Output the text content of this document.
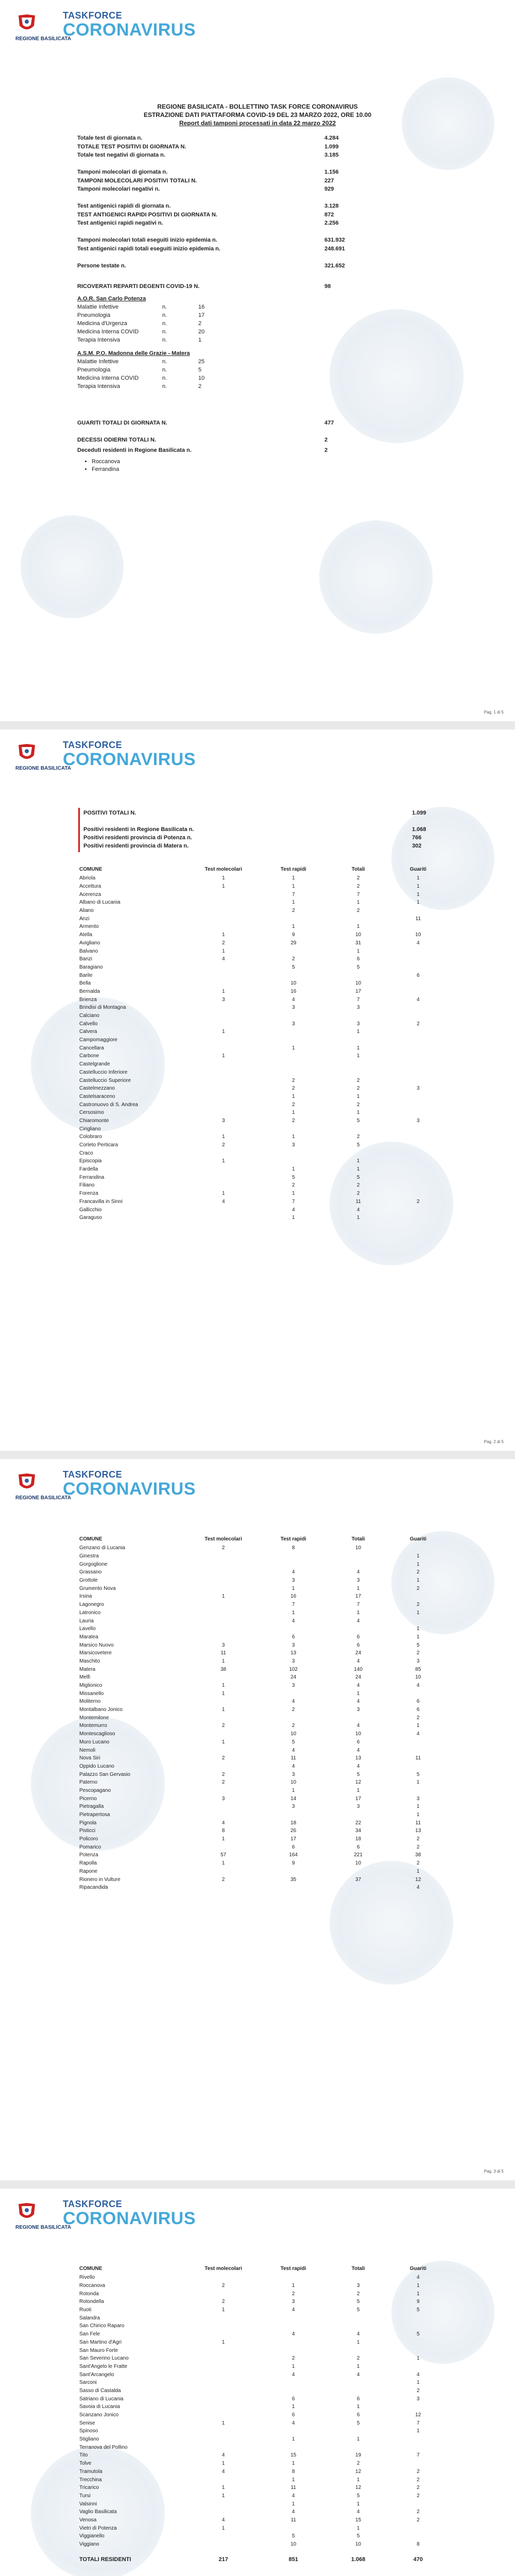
REGIONE BASILICATA
TASKFORCE
CORONAVIRUS
REGIONE BASILICATA - BOLLETTINO TASK FORCE CORONAVIRUS
ESTRAZIONE DATI PIATTAFORMA COVID-19 DEL 23 MARZO 2022, ORE 10.00
Report dati tamponi processati in data 22 marzo 2022
Totale test di giornata n.	4.284
TOTALE TEST POSITIVI DI GIORNATA N.	1.099
Totale test negativi di giornata n.	3.185
Tamponi molecolari di giornata n.	1.156
TAMPONI MOLECOLARI POSITIVI TOTALI N.	227
Tamponi molecolari negativi n.	929
Test antigenici rapidi di giornata n.	3.128
TEST ANTIGENICI RAPIDI POSITIVI DI GIORNATA N.	872
Test antigenici rapidi negativi n.	2.256
Tamponi molecolari totali eseguiti inizio epidemia n.	631.932
Test antigenici rapidi totali eseguiti inizio epidemia n.	248.691
Persone testate n.	321.652
RICOVERATI REPARTI DEGENTI COVID-19 N.	98
A.O.R. San Carlo Potenza
Malattie Infettive	n.	16
Pneumologia	n.	17
Medicina d'Urgenza	n.	2
Medicina Interna COVID	n.	20
Terapia Intensiva	n.	1
A.S.M. P.O. Madonna delle Grazie - Matera
Malattie Infettive	n.	25
Pneumologia	n.	5
Medicina Interna COVID	n.	10
Terapia Intensiva	n.	2
GUARITI TOTALI DI GIORNATA N.	477
DECESSI ODIERNI TOTALI N.	2
Deceduti residenti in Regione Basilicata n.	2
• Roccanova
• Ferrandina
Pag. 1 di 5
REGIONE BASILICATA
TASKFORCE
CORONAVIRUS
POSITIVI TOTALI N.	1.099
Positivi residenti in Regione Basilicata n.	1.068
Positivi residenti provincia di Potenza n.	766
Positivi residenti provincia di Matera n.	302
COMUNE	Test molecolari	Test rapidi	Totali	Guariti
Abriola	1	1	2	1
Accettura	1	1	2	1
Acerenza		7	7	1
Albano di Lucania		1	1	1
Aliano		2	2	
Anzi				11
Armento		1	1	
Atella	1	9	10	10
Avigliano	2	29	31	4
Balvano	1		1	
Banzi	4	2	6	
Baragiano		5	5	
Barile				6
Bella		10	10	
Bernalda	1	16	17	
Brienza	3	4	7	4
Brindisi di Montagna		3	3	
Calciano				
Calvello		3	3	2
Calvera	1		1	
Campomaggiore				
Cancellara		1	1	
Carbone	1		1	
Castelgrande				
Castelluccio Inferiore				
Castelluccio Superiore		2	2	
Castelmezzano		2	2	3
Castelsaraceno		1	1	
Castronuovo di S. Andrea		2	2	
Cersosimo		1	1	
Chiaromonte	3	2	5	3
Cirigliano				
Colobraro	1	1	2	
Corleto Perticara	2	3	5	
Craco				
Episcopia	1		1	
Fardella		1	1	
Ferrandina		5	5	
Filiano		2	2	
Forenza	1	1	2	
Francavilla in Sinni	4	7	11	2
Gallicchio		4	4	
Garaguso		1	1	
Pag. 2 di 5
REGIONE BASILICATA
TASKFORCE
CORONAVIRUS
COMUNE	Test molecolari	Test rapidi	Totali	Guariti
Genzano di Lucania	2	8	10	
Ginestra				1
Gorgoglione				1
Grassano		4	4	2
Grottole		3	3	1
Grumento Nova		1	1	2
Irsina	1	16	17	
Lagonegro		7	7	2
Latronico		1	1	1
Lauria		4	4	
Lavello				1
Maratea		6	6	1
Marsico Nuovo	3	3	6	5
Marsicovetere	11	13	24	2
Maschito	1	3	4	3
Matera	38	102	140	85
Melfi		24	24	10
Miglionico	1	3	4	4
Missanello	1		1	
Moliterno		4	4	6
Montalbano Jonico	1	2	3	6
Montemilone				2
Montemurro	2	2	4	1
Montescaglioso		10	10	4
Muro Lucano	1	5	6	
Nemoli		4	4	
Nova Siri	2	11	13	11
Oppido Lucano		4	4	
Palazzo San Gervasio	2	3	5	5
Paterno	2	10	12	1
Pescopagano		1	1	
Picerno	3	14	17	3
Pietragalla		3	3	1
Pietrapertosa				1
Pignola	4	18	22	11
Pisticci	8	26	34	13
Policoro	1	17	18	2
Pomarico		6	6	2
Potenza	57	164	221	38
Rapolla	1	9	10	2
Rapone				1
Rionero in Vulture	2	35	37	12
Ripacandida				4
Pag. 3 di 5
REGIONE BASILICATA
TASKFORCE
CORONAVIRUS
COMUNE	Test molecolari	Test rapidi	Totali	Guariti
Rivello				4
Roccanova	2	1	3	1
Rotonda		2	2	1
Rotondella	2	3	5	9
Ruoti	1	4	5	5
Salandra				
San Chirico Raparo				
San Fele		4	4	5
San Martino d'Agri	1		1	
San Mauro Forte				
San Severino Lucano		2	2	1
Sant'Angelo le Fratte		1	1	
Sant'Arcangelo		4	4	4
Sarconi				1
Sasso di Castalda				2
Satriano di Lucania		6	6	3
Savoia di Lucania		1	1	
Scanzano Jonico		6	6	12
Senise	1	4	5	7
Spinoso				1
Stigliano		1	1	
Terranova del Pollino				
Tito	4	15	19	7
Tolve	1	1	2	
Tramutola	4	8	12	2
Trecchina		1	1	2
Tricarico	1	11	12	2
Tursi	1	4	5	2
Valsinni		1	1	
Vaglio Basilicata		4	4	2
Venosa	4	11	15	2
Vietri di Potenza	1		1	
Viggianello		5	5	
Viggiano		10	10	8

TOTALI RESIDENTI	217	851	1.068	470
